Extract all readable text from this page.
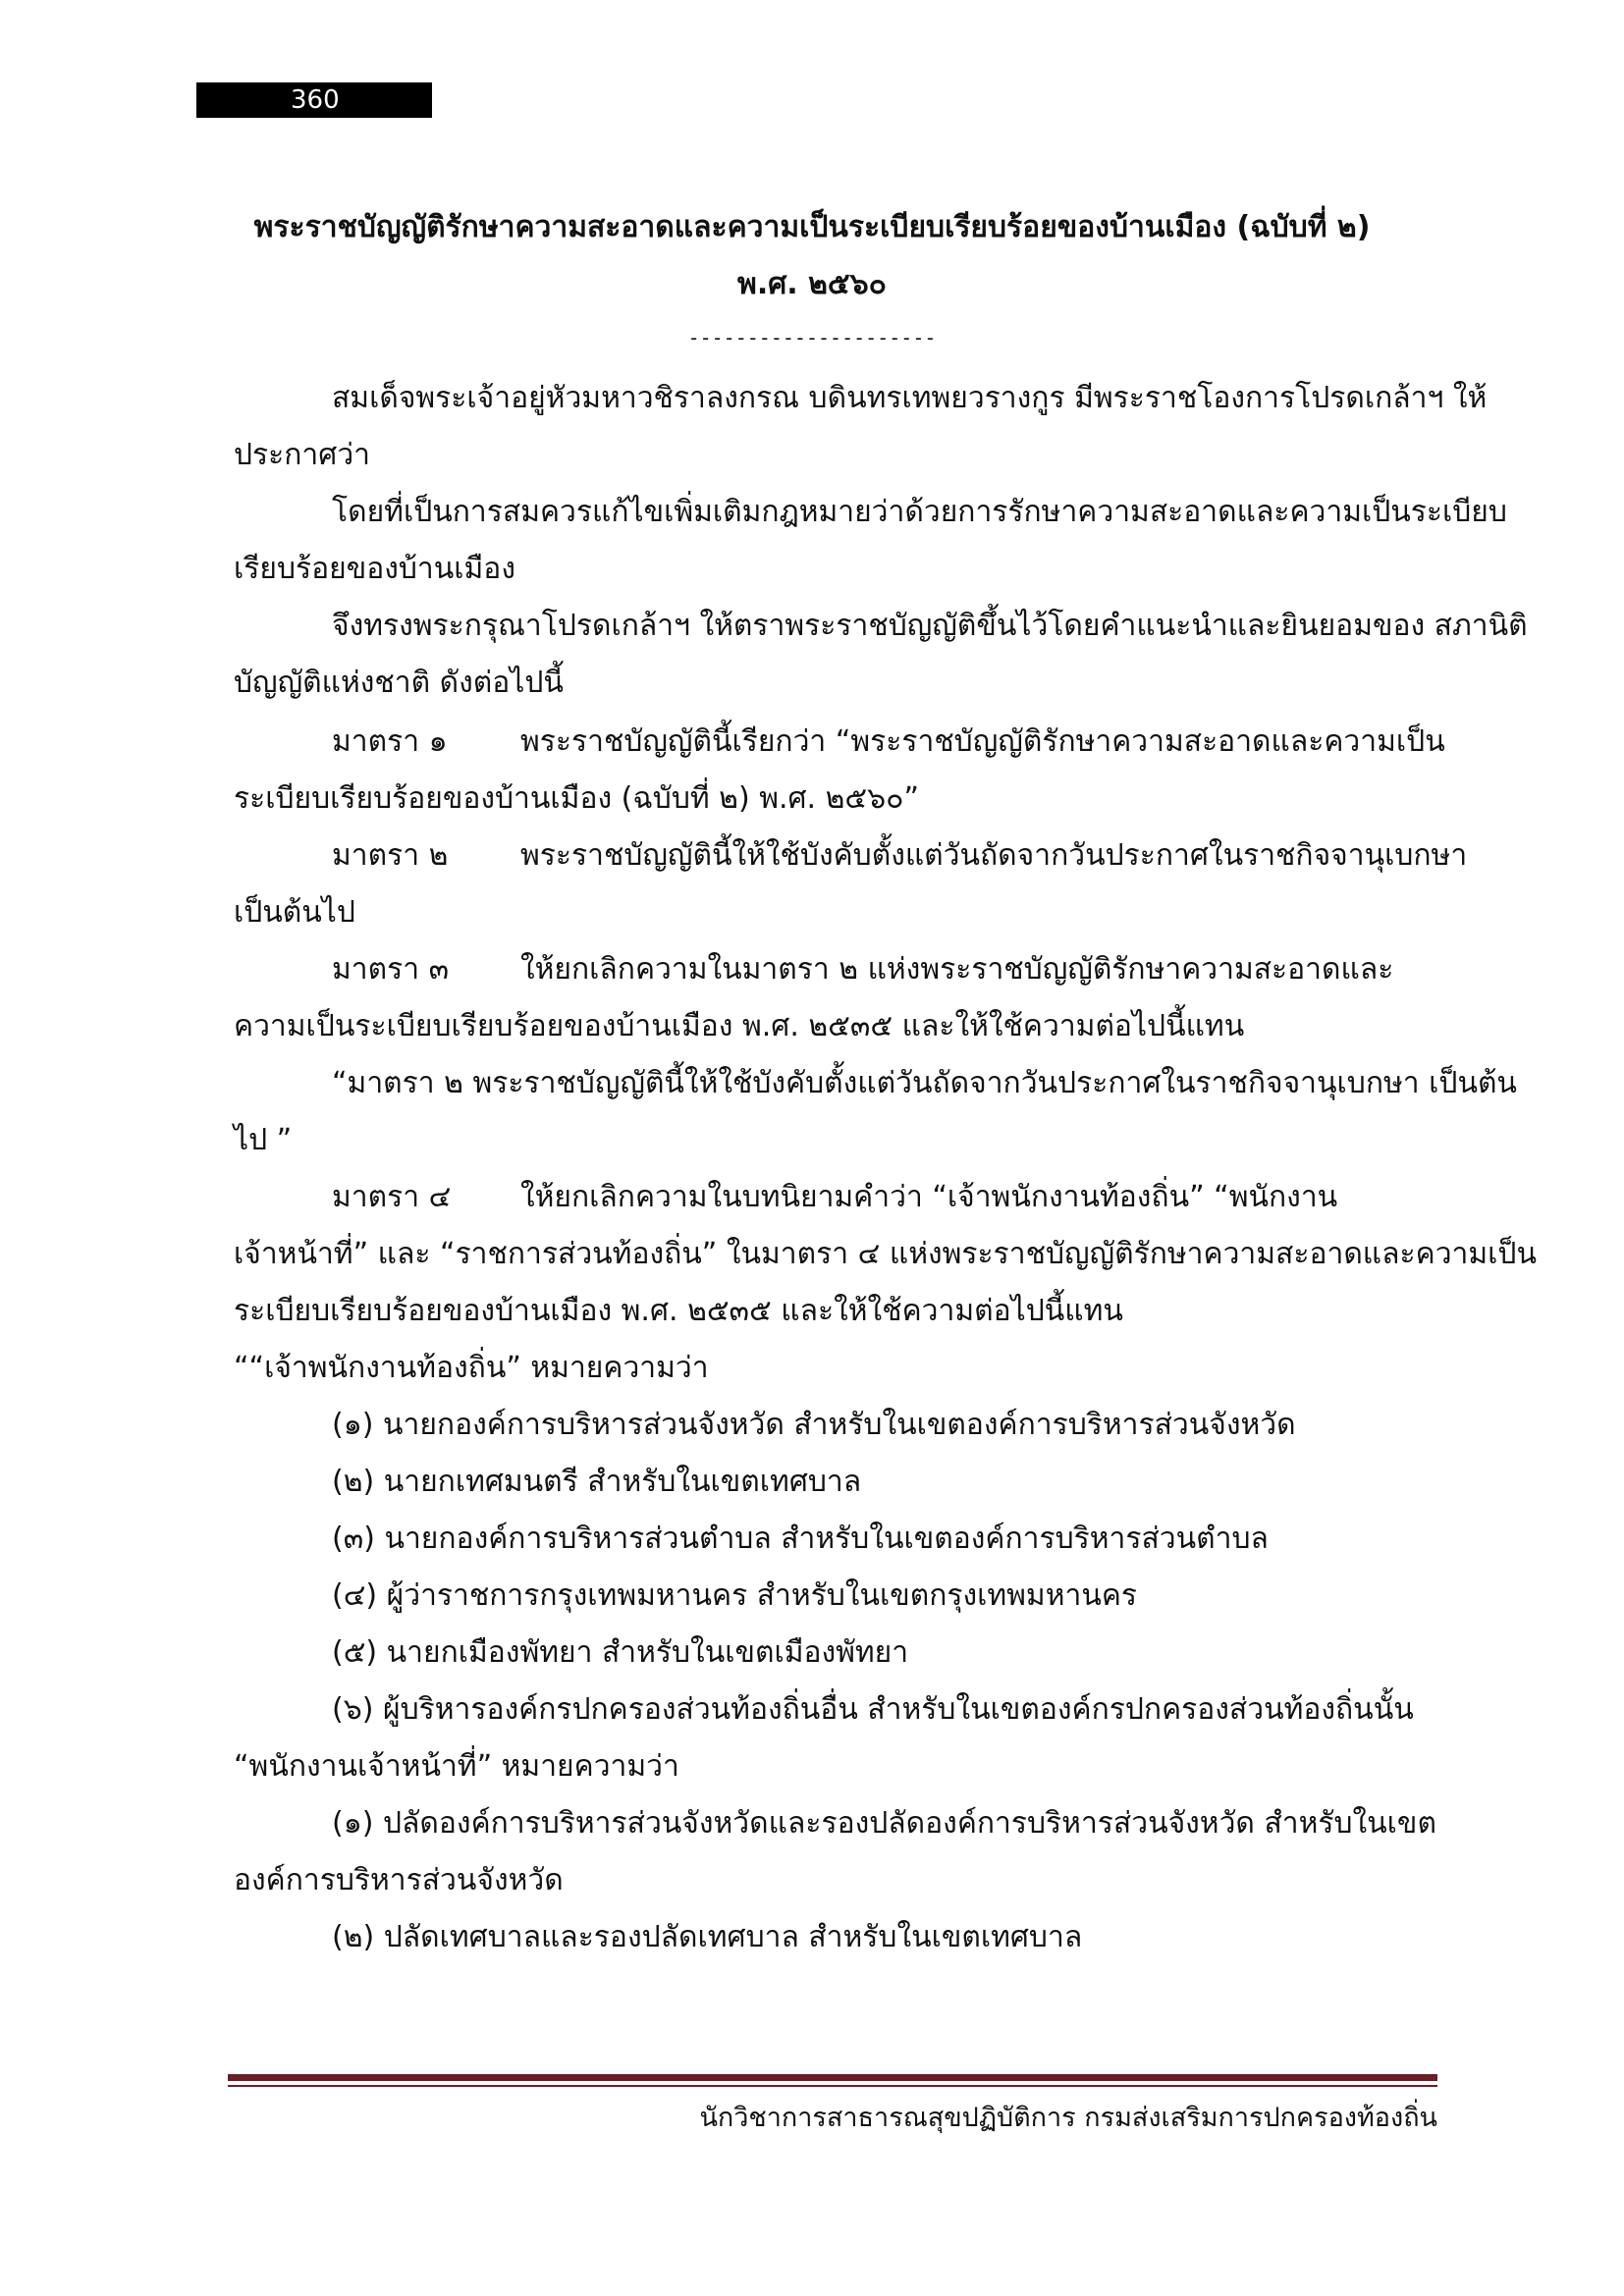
360
พระราชบัญญัติรักษาความสะอาดและความเป็นระเบียบเรียบร้อยของบ้านเมือง (ฉบับที่ ๒)
พ.ศ. ๒๕๖๐
---------------------
สมเด็จพระเจ้าอยู่หัวมหาวชิราลงกรณ บดินทรเทพยวรางกูร มีพระราชโองการโปรดเกล้าฯ ให้
ประกาศว่า
โดยที่เป็นการสมควรแก้ไขเพิ่มเติมกฎหมายว่าด้วยการรักษาความสะอาดและความเป็นระเบียบ
เรียบร้อยของบ้านเมือง
จึงทรงพระกรุณาโปรดเกล้าฯ ให้ตราพระราชบัญญัติขึ้นไว้โดยคำแนะนำและยินยอมของ สภานิติ
บัญญัติแห่งชาติ ดังต่อไปนี้
มาตรา ๑ พระราชบัญญัตินี้เรียกว่า “พระราชบัญญัติรักษาความสะอาดและความเป็น
ระเบียบเรียบร้อยของบ้านเมือง (ฉบับที่ ๒) พ.ศ. ๒๕๖๐”
มาตรา ๒ พระราชบัญญัตินี้ให้ใช้บังคับตั้งแต่วันถัดจากวันประกาศในราชกิจจานุเบกษา
เป็นต้นไป
มาตรา ๓ ให้ยกเลิกความในมาตรา ๒ แห่งพระราชบัญญัติรักษาความสะอาดและ
ความเป็นระเบียบเรียบร้อยของบ้านเมือง พ.ศ. ๒๕๓๕ และให้ใช้ความต่อไปนี้แทน
“มาตรา ๒ พระราชบัญญัตินี้ให้ใช้บังคับตั้งแต่วันถัดจากวันประกาศในราชกิจจานุเบกษา เป็นต้น
ไป ”
มาตรา ๔ ให้ยกเลิกความในบทนิยามคำว่า “เจ้าพนักงานท้องถิ่น” “พนักงาน
เจ้าหน้าที่” และ “ราชการส่วนท้องถิ่น” ในมาตรา ๔ แห่งพระราชบัญญัติรักษาความสะอาดและความเป็น
ระเบียบเรียบร้อยของบ้านเมือง พ.ศ. ๒๕๓๕ และให้ใช้ความต่อไปนี้แทน
““เจ้าพนักงานท้องถิ่น” หมายความว่า
(๑) นายกองค์การบริหารส่วนจังหวัด สำหรับในเขตองค์การบริหารส่วนจังหวัด
(๒) นายกเทศมนตรี สำหรับในเขตเทศบาล
(๓) นายกองค์การบริหารส่วนตำบล สำหรับในเขตองค์การบริหารส่วนตำบล
(๔) ผู้ว่าราชการกรุงเทพมหานคร สำหรับในเขตกรุงเทพมหานคร
(๕) นายกเมืองพัทยา สำหรับในเขตเมืองพัทยา
(๖) ผู้บริหารองค์กรปกครองส่วนท้องถิ่นอื่น สำหรับในเขตองค์กรปกครองส่วนท้องถิ่นนั้น
“พนักงานเจ้าหน้าที่” หมายความว่า
(๑) ปลัดองค์การบริหารส่วนจังหวัดและรองปลัดองค์การบริหารส่วนจังหวัด สำหรับในเขต
องค์การบริหารส่วนจังหวัด
(๒) ปลัดเทศบาลและรองปลัดเทศบาล สำหรับในเขตเทศบาล
นักวิชาการสาธารณสุขปฏิบัติการ กรมส่งเสริมการปกครองท้องถิ่น
